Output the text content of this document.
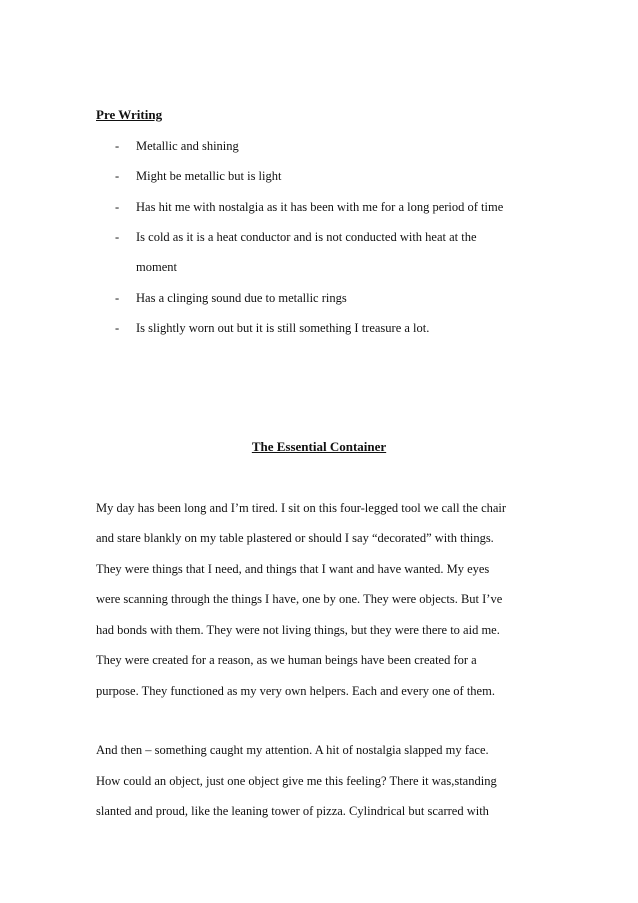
Pre Writing
- Metallic and shining
- Might be metallic but is light
- Has hit me with nostalgia as it has been with me for a long period of time
- Is cold as it is a heat conductor and is not conducted with heat at the
moment
- Has a clinging sound due to metallic rings
- Is slightly worn out but it is still something I treasure a lot.
The Essential Container
My day has been long and I’m tired. I sit on this four-legged tool we call the chair
and stare blankly on my table plastered or should I say “decorated” with things.
They were things that I need, and things that I want and have wanted. My eyes
were scanning through the things I have, one by one. They were objects. But I’ve
had bonds with them. They were not living things, but they were there to aid me.
They were created for a reason, as we human beings have been created for a
purpose. They functioned as my very own helpers. Each and every one of them.
And then – something caught my attention. A hit of nostalgia slapped my face.
How could an object, just one object give me this feeling? There it was,standing
slanted and proud, like the leaning tower of pizza. Cylindrical but scarred with
